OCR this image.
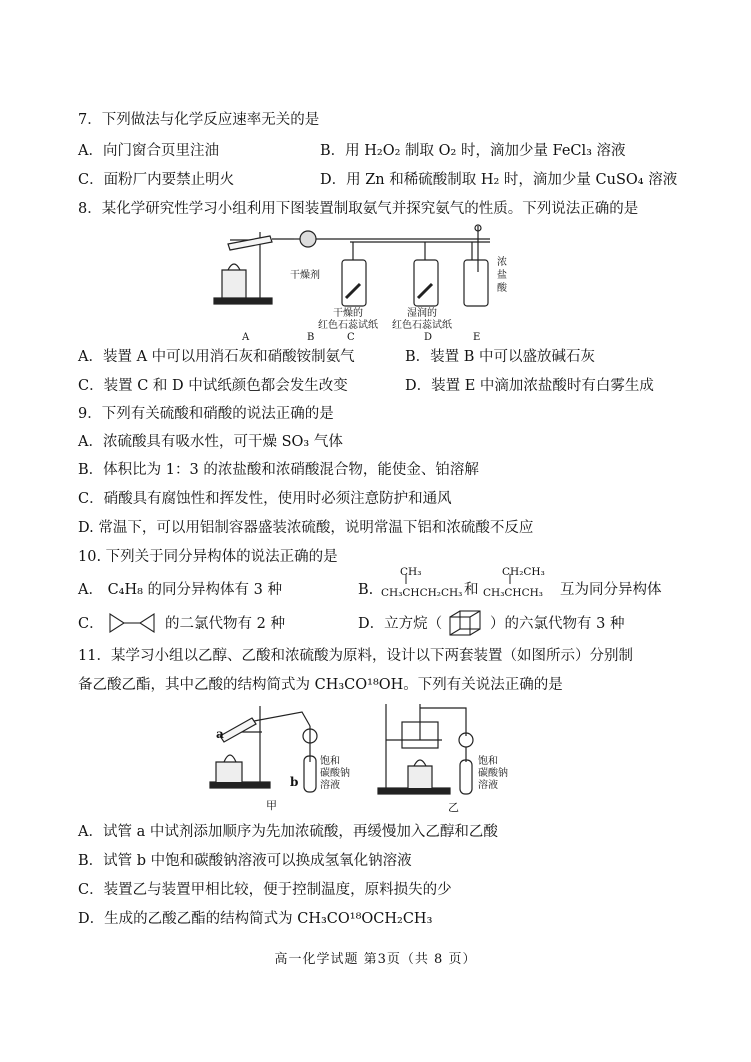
7．下列做法与化学反应速率无关的是
A．向门窗合页里注油	B．用 H₂O₂ 制取 O₂ 时，滴加少量 FeCl₃ 溶液
C．面粉厂内要禁止明火	D．用 Zn 和稀硫酸制取 H₂ 时，滴加少量 CuSO₄ 溶液
8．某化学研究性学习小组利用下图装置制取氨气并探究氨气的性质。下列说法正确的是
干燥剂
浓盐酸
干燥的
红色石蕊试纸
湿润的
红色石蕊试纸
A	B	C	D	E
A．装置 A 中可以用消石灰和硝酸铵制氨气	B．装置 B 中可以盛放碱石灰
C．装置 C 和 D 中试纸颜色都会发生改变	D．装置 E 中滴加浓盐酸时有白雾生成
9．下列有关硫酸和硝酸的说法正确的是
A．浓硫酸具有吸水性，可干燥 SO₃ 气体
B．体积比为 1：3 的浓盐酸和浓硝酸混合物，能使金、铂溶解
C．硝酸具有腐蚀性和挥发性，使用时必须注意防护和通风
D. 常温下，可以用铝制容器盛装浓硫酸，说明常温下铝和浓硫酸不反应
10. 下列关于同分异构体的说法正确的是
A． C₄H₈ 的同分异构体有 3 种	B.
CH₃
CH₃CHCH₂CH₃ 和
CH₂CH₃
CH₃CHCH₃ 互为同分异构体
C．	的二氯代物有 2 种	D．立方烷（	）的六氯代物有 3 种
11．某学习小组以乙醇、乙酸和浓硫酸为原料，设计以下两套装置（如图所示）分别制
备乙酸乙酯，其中乙酸的结构简式为 CH₃CO¹⁸OH。下列有关说法正确的是
a
b
饱和
碳酸钠
溶液
饱和
碳酸钠
溶液
甲	乙
A．试管 a 中试剂添加顺序为先加浓硫酸，再缓慢加入乙醇和乙酸
B．试管 b 中饱和碳酸钠溶液可以换成氢氧化钠溶液
C．装置乙与装置甲相比较，便于控制温度，原料损失的少
D．生成的乙酸乙酯的结构简式为 CH₃CO¹⁸OCH₂CH₃
高一化学试题 第3页（共 8 页）
